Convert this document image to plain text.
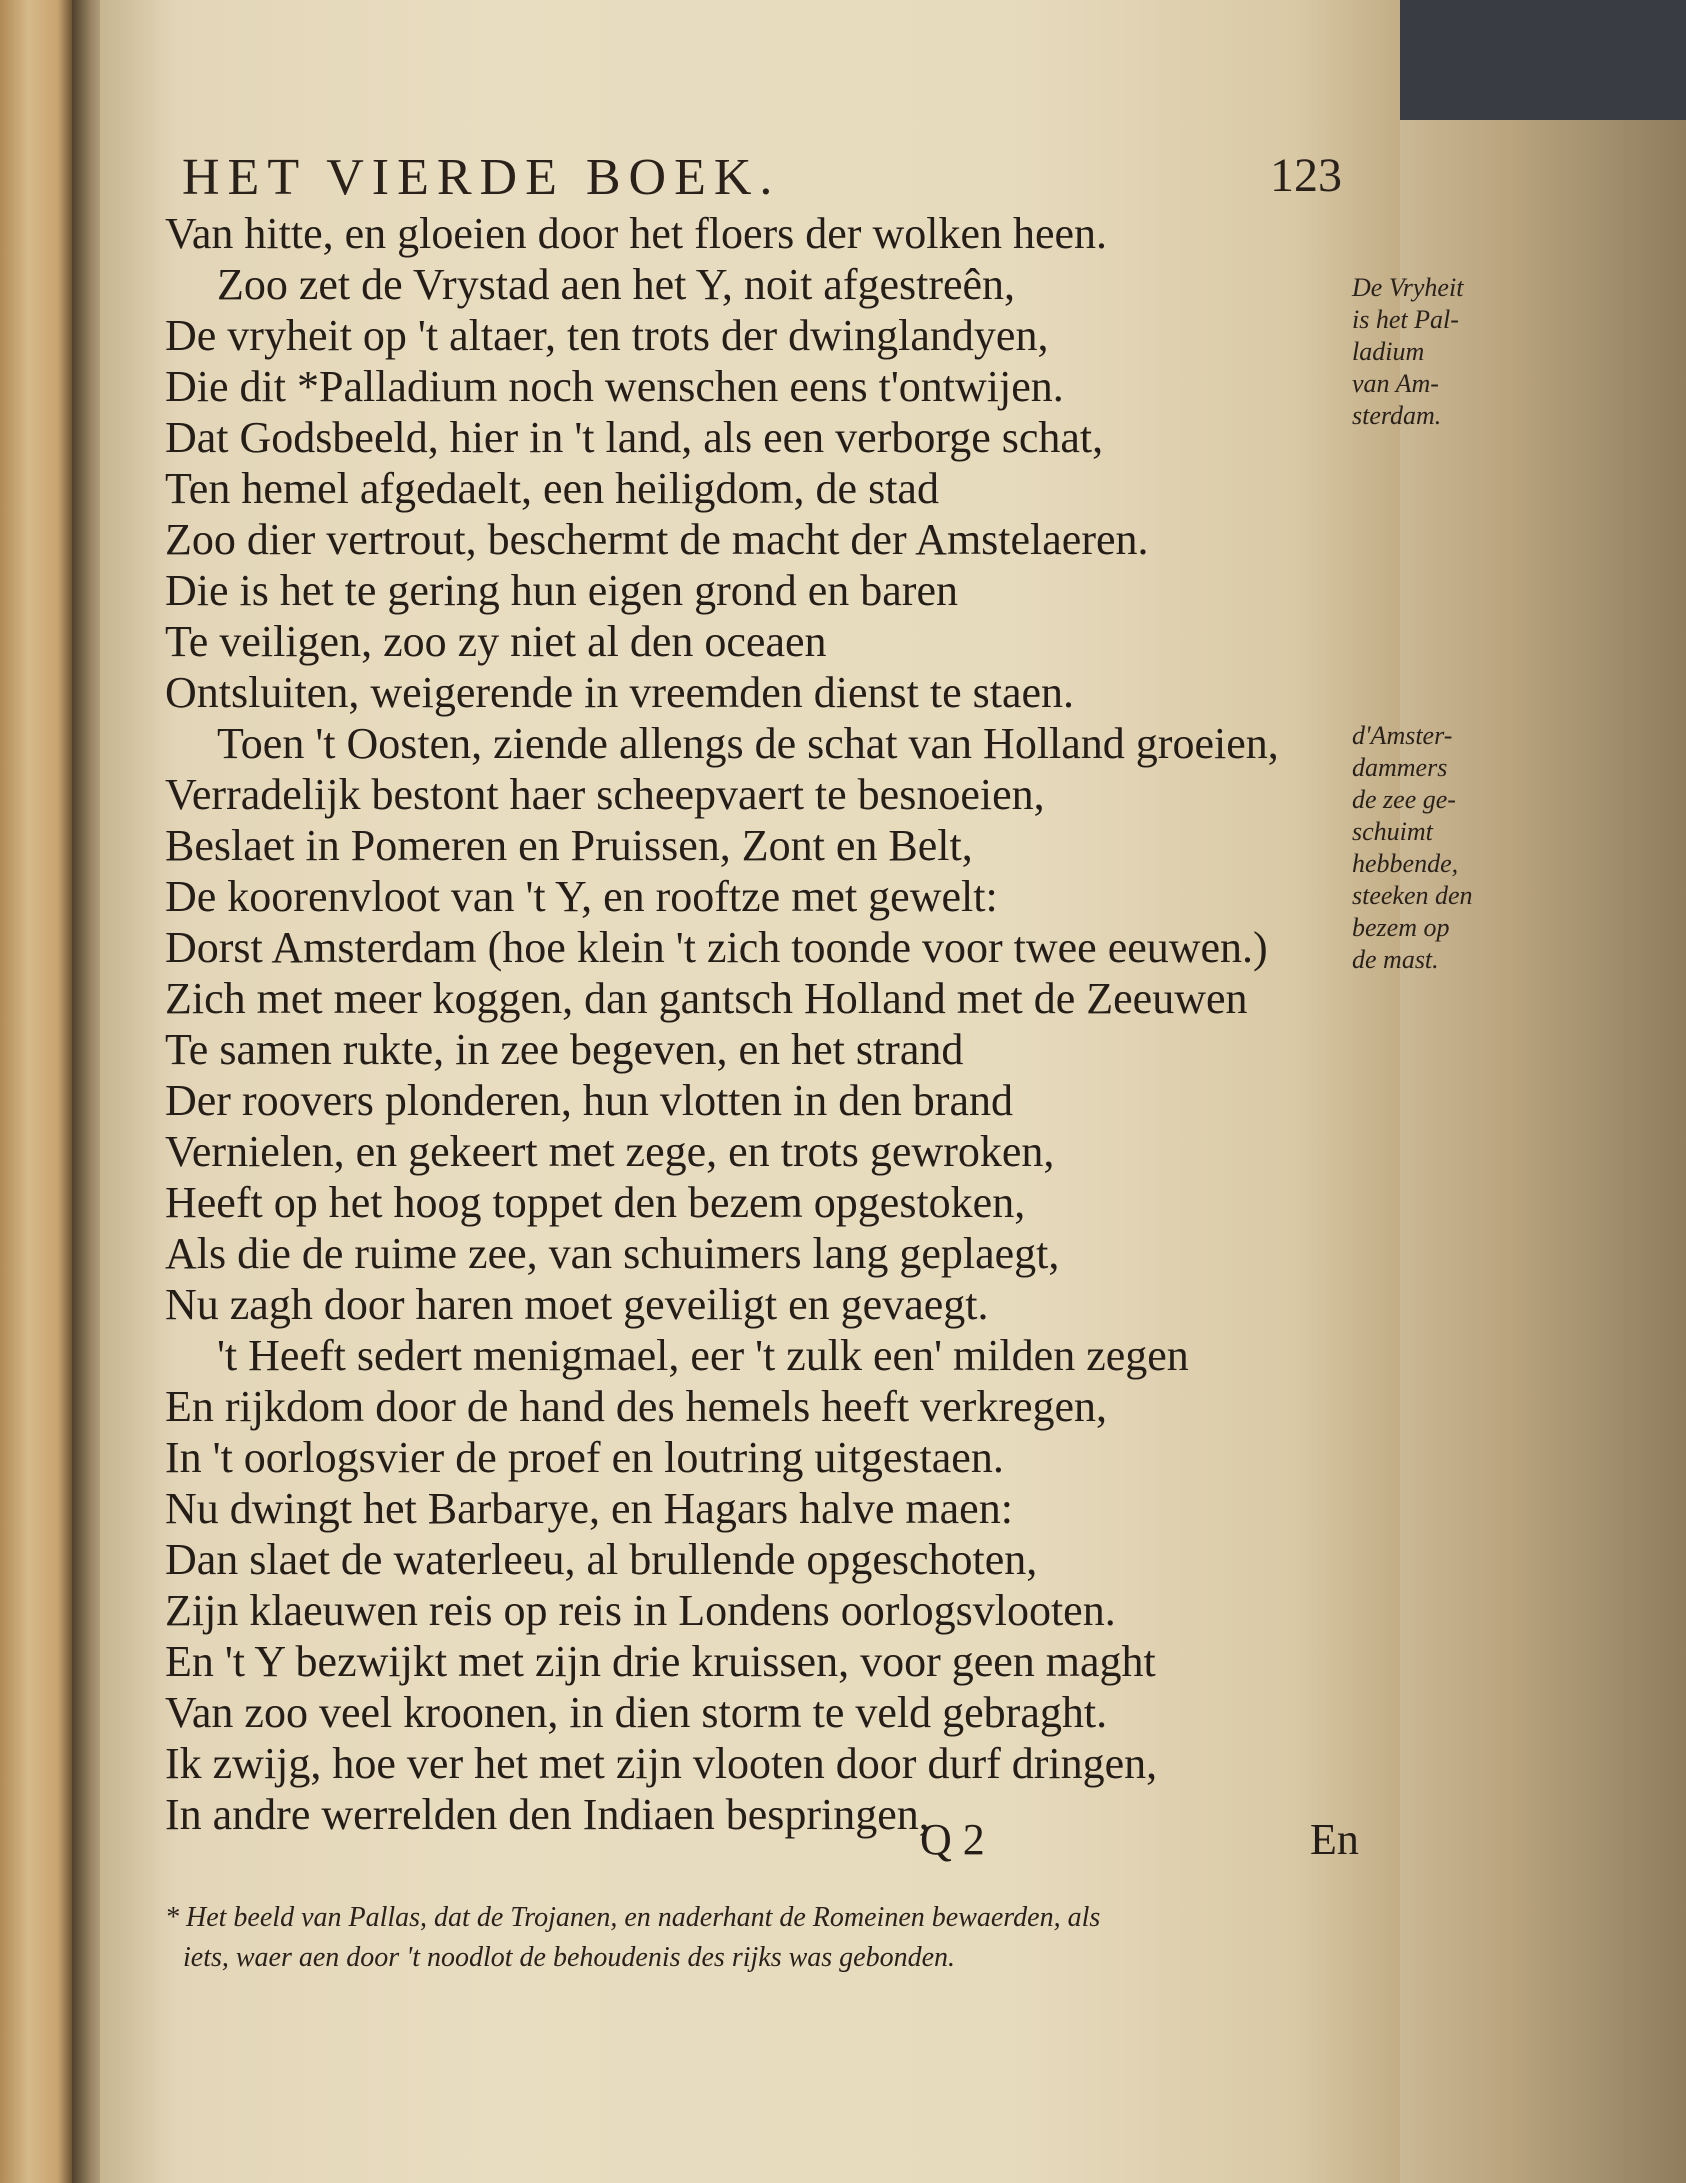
HET VIERDE BOEK.	123
Van hitte, en gloeien door het floers der wolken heen.
Zoo zet de Vrystad aen het Y, noit afgestreên,
De vryheit op 't altaer, ten trots der dwinglandyen,
Die dit *Palladium noch wenschen eens t'ontwijen.
Dat Godsbeeld, hier in 't land, als een verborge schat,
Ten hemel afgedaelt, een heiligdom, de stad
Zoo dier vertrout, beschermt de macht der Amstelaeren.
Die is het te gering hun eigen grond en baren
Te veiligen, zoo zy niet al den oceaen
Ontsluiten, weigerende in vreemden dienst te staen.
Toen 't Oosten, ziende allengs de schat van Holland groeien,
Verradelijk bestont haer scheepvaert te besnoeien,
Beslaet in Pomeren en Pruissen, Zont en Belt,
De koorenvloot van 't Y, en rooftze met gewelt:
Dorst Amsterdam (hoe klein 't zich toonde voor twee eeuwen.)
Zich met meer koggen, dan gantsch Holland met de Zeeuwen
Te samen rukte, in zee begeven, en het strand
Der roovers plonderen, hun vlotten in den brand
Vernielen, en gekeert met zege, en trots gewroken,
Heeft op het hoog toppet den bezem opgestoken,
Als die de ruime zee, van schuimers lang geplaegt,
Nu zagh door haren moet geveiligt en gevaegt.
't Heeft sedert menigmael, eer 't zulk een' milden zegen
En rijkdom door de hand des hemels heeft verkregen,
In 't oorlogsvier de proef en loutring uitgestaen.
Nu dwingt het Barbarye, en Hagars halve maen:
Dan slaet de waterleeu, al brullende opgeschoten,
Zijn klaeuwen reis op reis in Londens oorlogsvlooten.
En 't Y bezwijkt met zijn drie kruissen, voor geen maght
Van zoo veel kroonen, in dien storm te veld gebraght.
Ik zwijg, hoe ver het met zijn vlooten door durf dringen,
In andre werrelden den Indiaen bespringen,
De Vryheit
is het Pal-
ladium
van Am-
sterdam.
d'Amster-
dammers
de zee ge-
schuimt
hebbende,
steeken den
bezem op
de mast.
Q 2	En
* Het beeld van Pallas, dat de Trojanen, en naderhant de Romeinen bewaerden, als
iets, waer aen door 't noodlot de behoudenis des rijks was gebonden.
